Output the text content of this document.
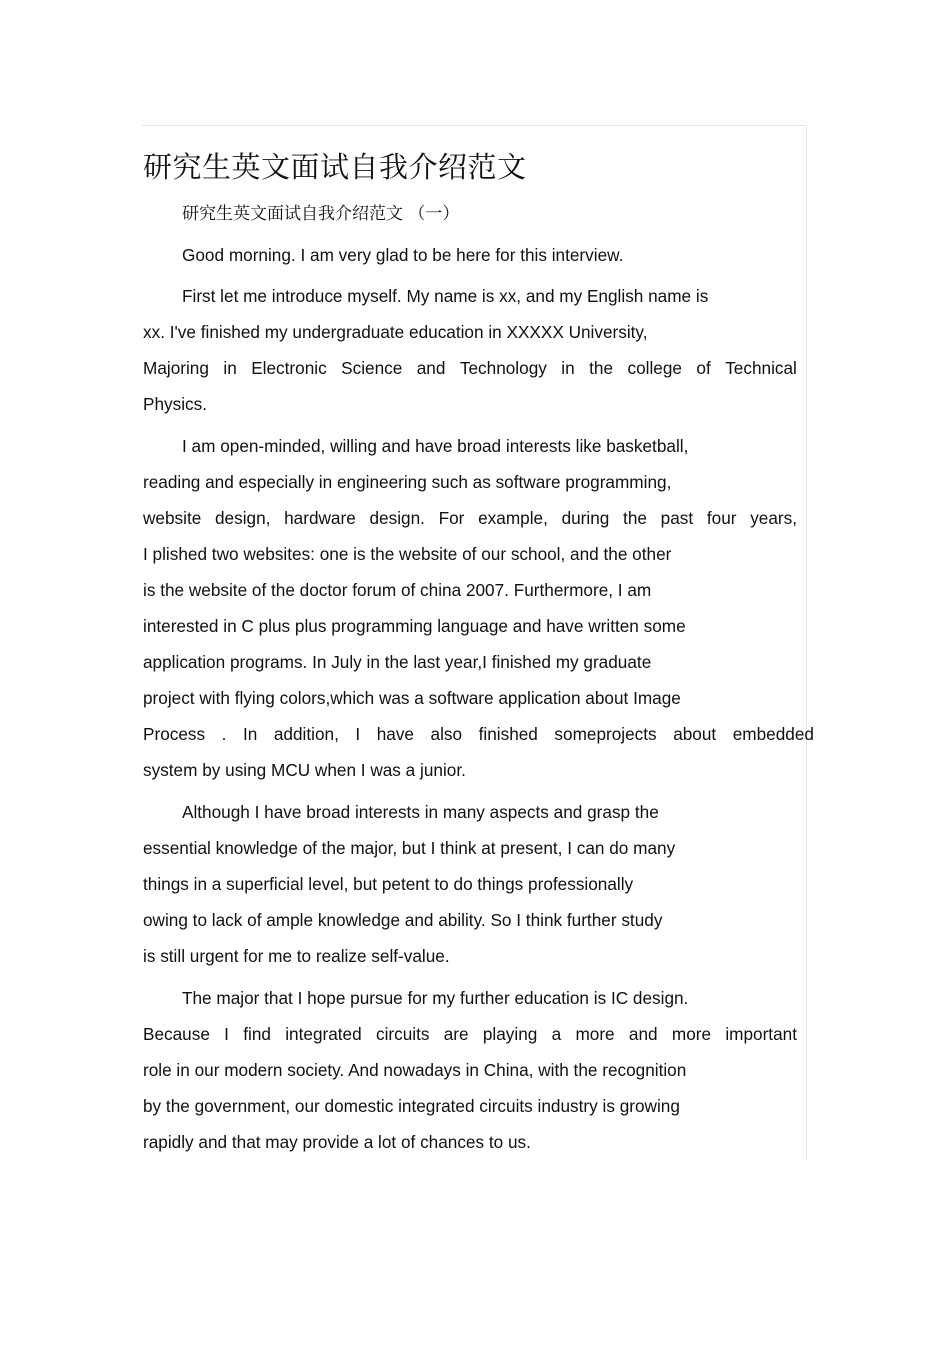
研究生英文面试自我介绍范文
研究生英文面试自我介绍范文 （一）
Good morning. I am very glad to be here for this interview.
First let me introduce myself. My name is xx, and my English name is
xx. I've finished my undergraduate education in XXXXX University,
Majoring in Electronic Science and Technology in the college of Technical
Physics.
I am open-minded, willing and have broad interests like basketball,
reading and especially in engineering such as software programming,
website design, hardware design. For example, during the past four years,
I plished two websites: one is the website of our school, and the other
is the website of the doctor forum of china 2007. Furthermore, I am
interested in C plus plus programming language and have written some
application programs. In July in the last year,I finished my graduate
project with flying colors,which was a software application about Image
Process . In addition, I have also finished someprojects about embedded
system by using MCU when I was a junior.
Although I have broad interests in many aspects and grasp the
essential knowledge of the major, but I think at present, I can do many
things in a superficial level, but petent to do things professionally
owing to lack of ample knowledge and ability. So I think further study
is still urgent for me to realize self-value.
The major that I hope pursue for my further education is IC design.
Because I find integrated circuits are playing a more and more important
role in our modern society. And nowadays in China, with the recognition
by the government, our domestic integrated circuits industry is growing
rapidly and that may provide a lot of chances to us.
